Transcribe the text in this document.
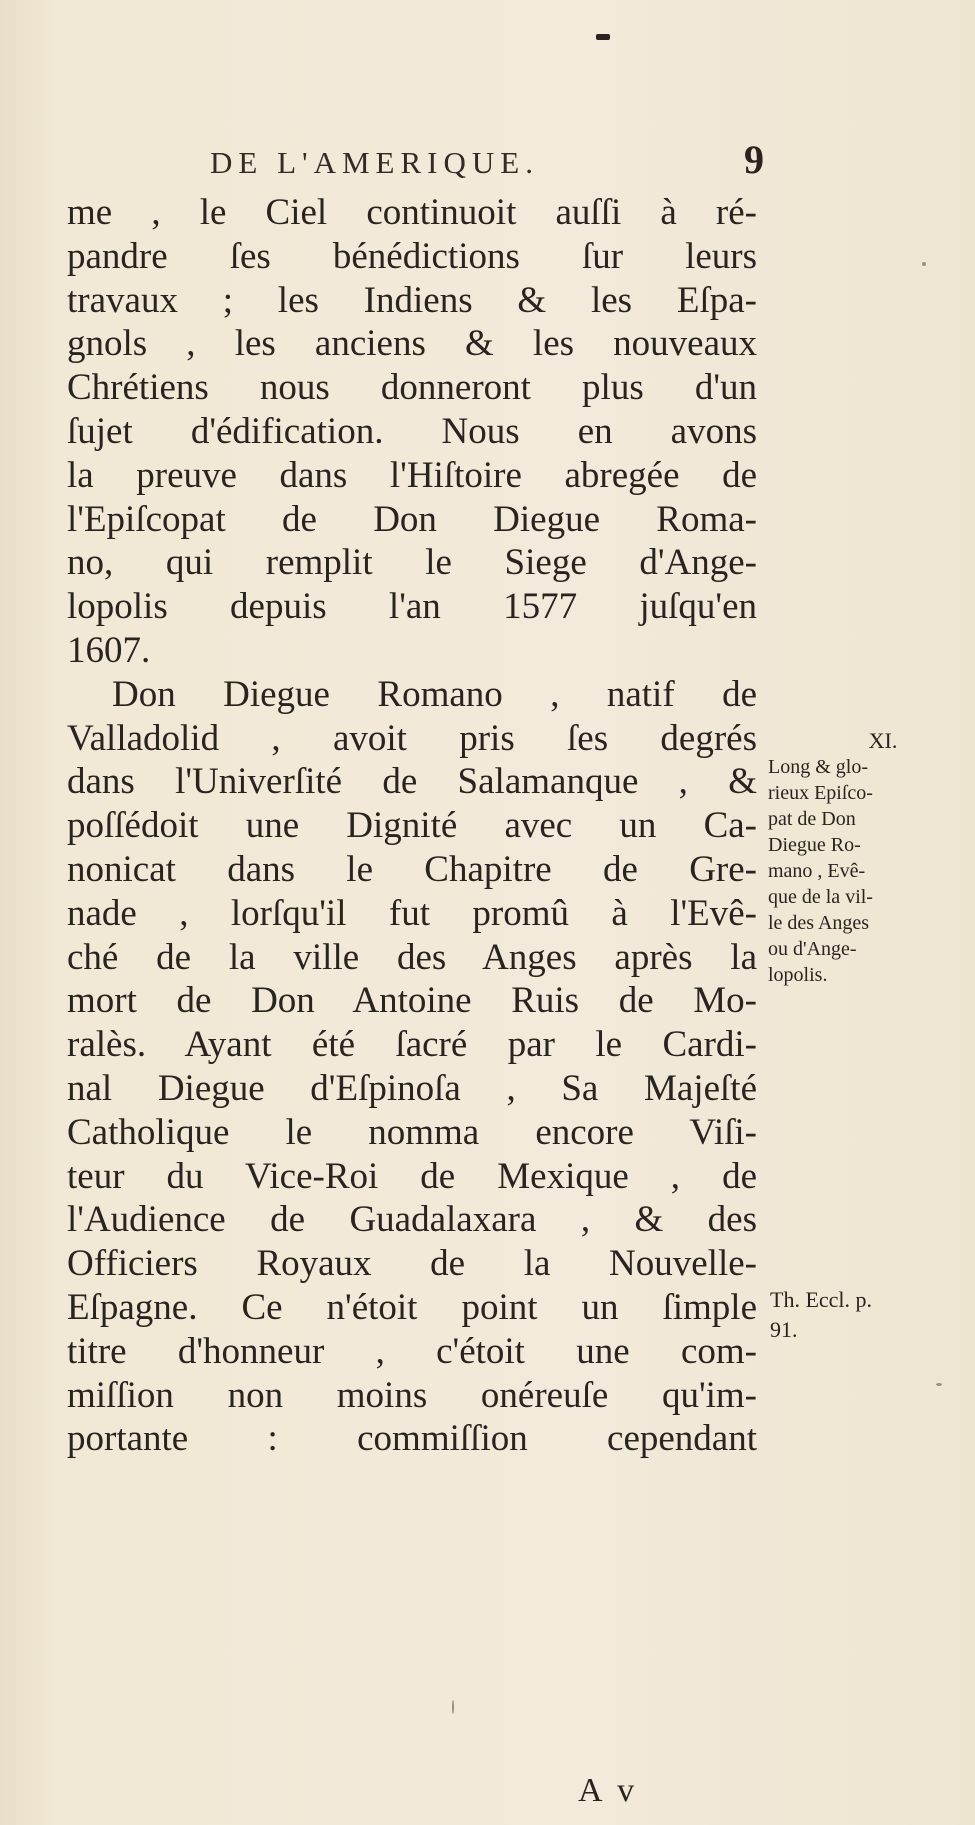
DE L'AMERIQUE.	9
me , le Ciel continuoit auſſi à ré-
pandre ſes bénédictions ſur leurs
travaux ; les Indiens & les Eſpa-
gnols , les anciens & les nouveaux
Chrétiens nous donneront plus d'un
ſujet d'édification. Nous en avons
la preuve dans l'Hiſtoire abregée de
l'Epiſcopat de Don Diegue Roma-
no, qui remplit le Siege d'Ange-
lopolis depuis l'an 1577 juſqu'en
1607.
Don Diegue Romano , natif de
Valladolid , avoit pris ſes degrés
dans l'Univerſité de Salamanque , &
poſſédoit une Dignité avec un Ca-
nonicat dans le Chapitre de Gre-
nade , lorſqu'il fut promû à l'Evê-
ché de la ville des Anges après la
mort de Don Antoine Ruis de Mo-
ralès. Ayant été ſacré par le Cardi-
nal Diegue d'Eſpinoſa , Sa Majeſté
Catholique le nomma encore Viſi-
teur du Vice-Roi de Mexique , de
l'Audience de Guadalaxara , & des
Officiers Royaux de la Nouvelle-
Eſpagne. Ce n'étoit point un ſimple
titre d'honneur , c'étoit une com-
miſſion non moins onéreuſe qu'im-
portante : commiſſion cependant
XI.
Long & glo-
rieux Epiſco-
pat de Don
Diegue Ro-
mano , Evê-
que de la vil-
le des Anges
ou d'Ange-
lopolis.
Th. Eccl. p.
91.
A v
